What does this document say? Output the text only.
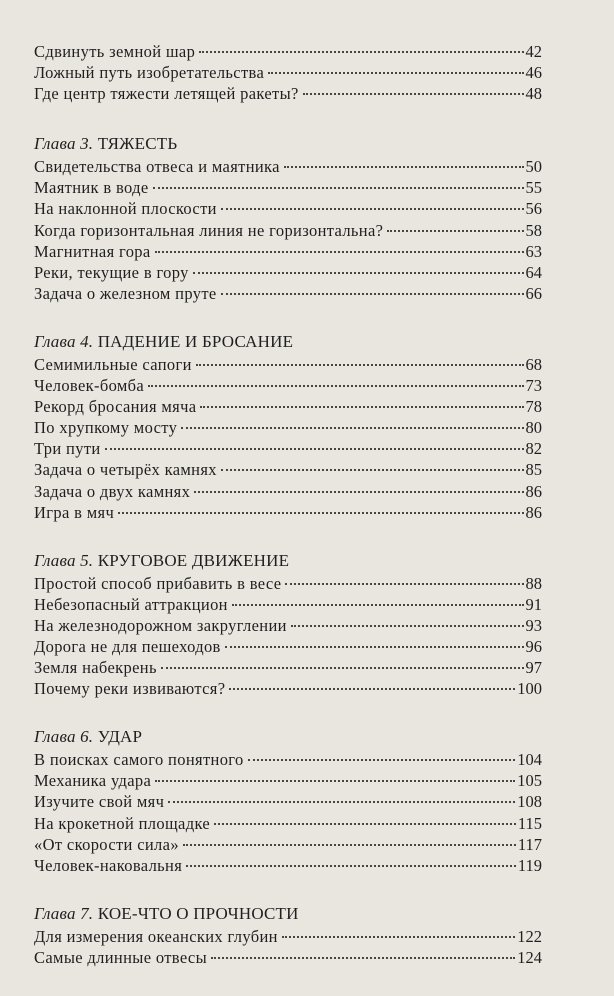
Сдвинуть земной шар	42
Ложный путь изобретательства	46
Где центр тяжести летящей ракеты?	48
Глава 3. ТЯЖЕСТЬ
Свидетельства отвеса и маятника	50
Маятник в воде	55
На наклонной плоскости	56
Когда горизонтальная линия не горизонтальна?	58
Магнитная гора	63
Реки, текущие в гору	64
Задача о железном пруте	66
Глава 4. ПАДЕНИЕ И БРОСАНИЕ
Семимильные сапоги	68
Человек-бомба	73
Рекорд бросания мяча	78
По хрупкому мосту	80
Три пути	82
Задача о четырёх камнях	85
Задача о двух камнях	86
Игра в мяч	86
Глава 5. КРУГОВОЕ ДВИЖЕНИЕ
Простой способ прибавить в весе	88
Небезопасный аттракцион	91
На железнодорожном закруглении	93
Дорога не для пешеходов	96
Земля набекрень	97
Почему реки извиваются?	100
Глава 6. УДАР
В поисках самого понятного	104
Механика удара	105
Изучите свой мяч	108
На крокетной площадке	115
«От скорости сила»	117
Человек-наковальня	119
Глава 7. КОЕ-ЧТО О ПРОЧНОСТИ
Для измерения океанских глубин	122
Самые длинные отвесы	124
